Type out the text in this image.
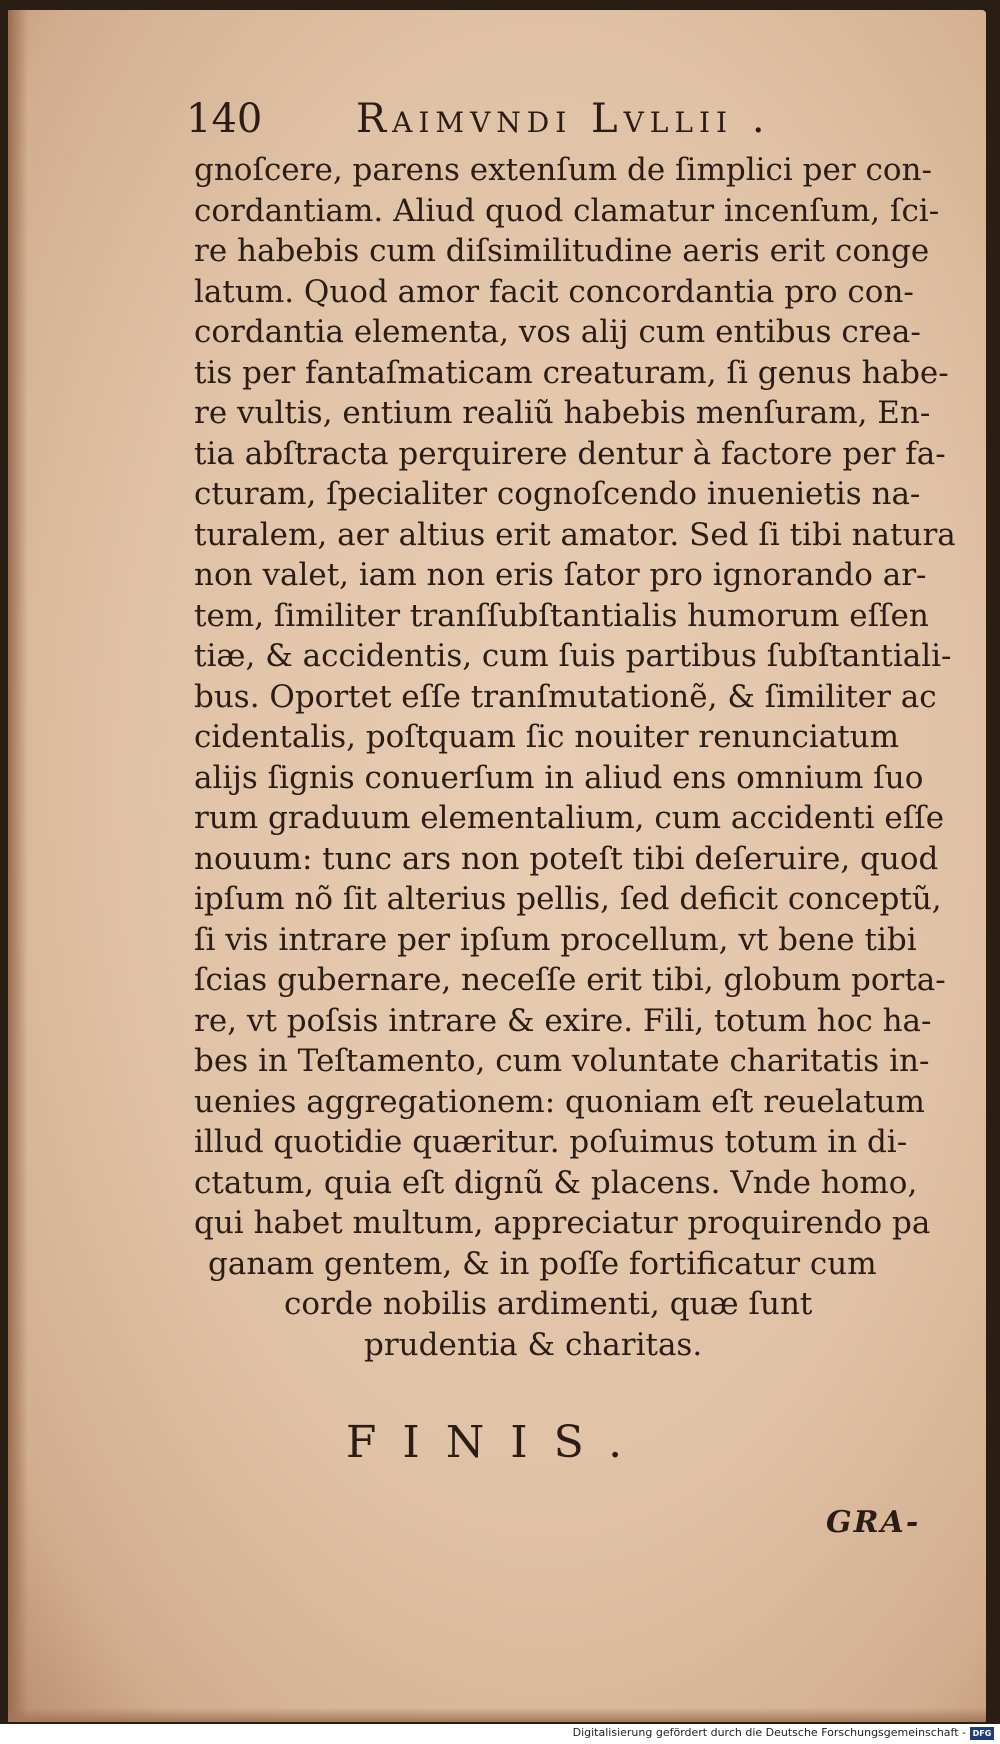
140 Raimvndi Lvllii .
gnoſcere, parens extenſum de ſimplici per con-
cordantiam. Aliud quod clamatur incenſum, ſci-
re habebis cum diſsimilitudine aeris erit conge
latum. Quod amor facit concordantia pro con-
cordantia elementa, vos alij cum entibus crea-
tis per fantaſmaticam creaturam, ſi genus habe-
re vultis, entium realiũ habebis menſuram, En-
tia abſtracta perquirere dentur à factore per fa-
cturam, ſpecialiter cognoſcendo inuenietis na-
turalem, aer altius erit amator. Sed ſi tibi natura
non valet, iam non eris ſator pro ignorando ar-
tem, ſimiliter tranſſubſtantialis humorum eſſen
tiæ, & accidentis, cum ſuis partibus ſubſtantiali-
bus. Oportet eſſe tranſmutationẽ, & ſimiliter ac
cidentalis, poſtquam ſic nouiter renunciatum
alijs ſignis conuerſum in aliud ens omnium ſuo
rum graduum elementalium, cum accidenti eſſe
nouum: tunc ars non poteſt tibi deſeruire, quod
ipſum nõ ſit alterius pellis, ſed deficit conceptũ,
ſi vis intrare per ipſum procellum, vt bene tibi
ſcias gubernare, neceſſe erit tibi, globum porta-
re, vt poſsis intrare & exire. Fili, totum hoc ha-
bes in Teſtamento, cum voluntate charitatis in-
uenies aggregationem: quoniam eſt reuelatum
illud quotidie quæritur. poſuimus totum in di-
ctatum, quia eſt dignũ & placens. Vnde homo,
qui habet multum, appreciatur proquirendo pa
ganam gentem, & in poſſe fortificatur cum
corde nobilis ardimenti, quæ ſunt
prudentia & charitas.
FINIS.
GRA-
Digitalisierung gefördert durch die Deutsche Forschungsgemeinschaft - DFG
